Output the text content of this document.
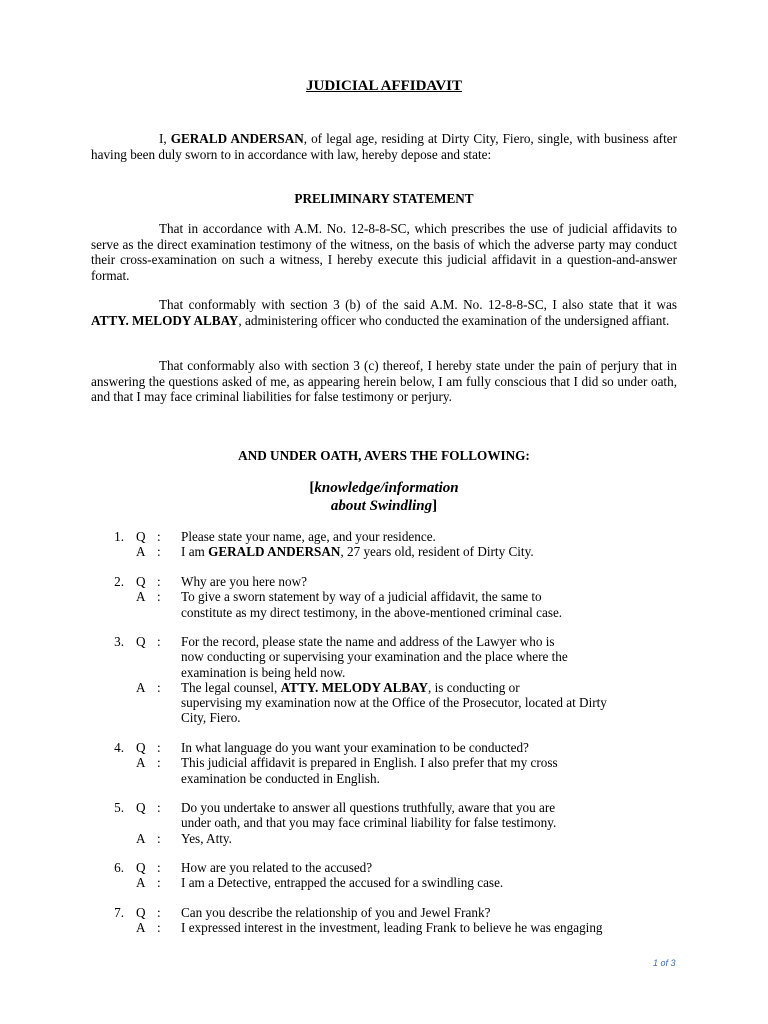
JUDICIAL AFFIDAVIT
I, GERALD ANDERSAN, of legal age, residing at Dirty City, Fiero, single, with business after having been duly sworn to in accordance with law, hereby depose and state:
PRELIMINARY STATEMENT
That in accordance with A.M. No. 12-8-8-SC, which prescribes the use of judicial affidavits to serve as the direct examination testimony of the witness, on the basis of which the adverse party may conduct their cross-examination on such a witness, I hereby execute this judicial affidavit in a question-and-answer format.
That conformably with section 3 (b) of the said A.M. No. 12-8-8-SC, I also state that it was ATTY. MELODY ALBAY, administering officer who conducted the examination of the undersigned affiant.
That conformably also with section 3 (c) thereof, I hereby state under the pain of perjury that in answering the questions asked of me, as appearing herein below, I am fully conscious that I did so under oath, and that I may face criminal liabilities for false testimony or perjury.
AND UNDER OATH, AVERS THE FOLLOWING:
[knowledge/information
about Swindling]
1. Q : Please state your name, age, and your residence.
A : I am GERALD ANDERSAN, 27 years old, resident of Dirty City.
2. Q : Why are you here now?
A : To give a sworn statement by way of a judicial affidavit, the same to
constitute as my direct testimony, in the above-mentioned criminal case.
3. Q : For the record, please state the name and address of the Lawyer who is
now conducting or supervising your examination and the place where the
examination is being held now.
A : The legal counsel, ATTY. MELODY ALBAY, is conducting or
supervising my examination now at the Office of the Prosecutor, located at Dirty
City, Fiero.
4. Q : In what language do you want your examination to be conducted?
A : This judicial affidavit is prepared in English. I also prefer that my cross
examination be conducted in English.
5. Q : Do you undertake to answer all questions truthfully, aware that you are
under oath, and that you may face criminal liability for false testimony.
A : Yes, Atty.
6. Q : How are you related to the accused?
A : I am a Detective, entrapped the accused for a swindling case.
7. Q : Can you describe the relationship of you and Jewel Frank?
A : I expressed interest in the investment, leading Frank to believe he was engaging
1 of 3
